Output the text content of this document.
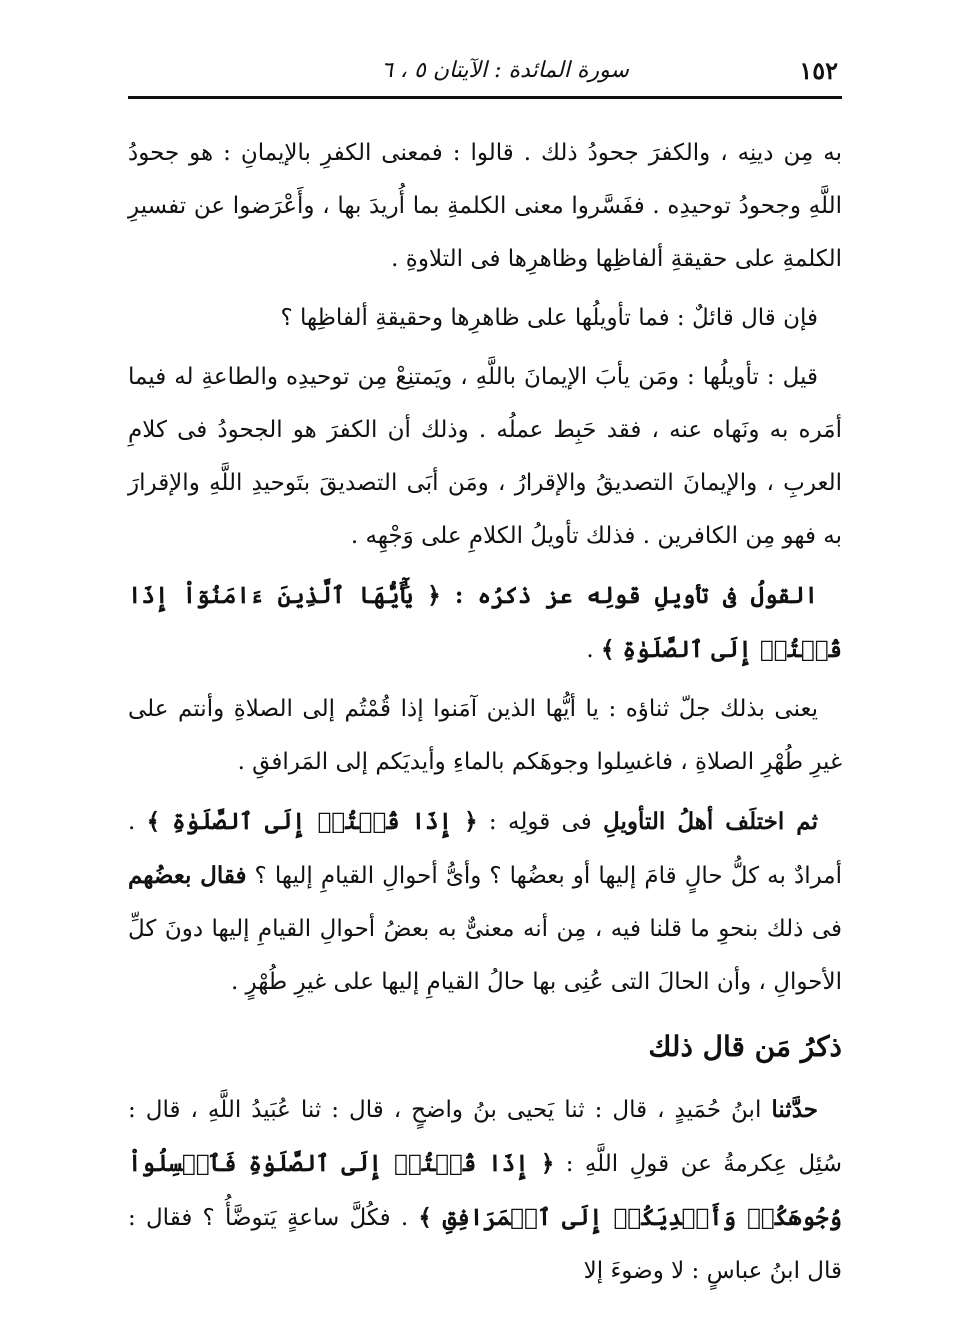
١٥٢
سورة المائدة : الآيتان ٥ ، ٦

به مِن دينِه ، والكفرَ جحودُ ذلك . قالوا : فمعنى الكفرِ بالإيمانِ : هو جحودُ اللَّهِ وجحودُ توحيدِه . ففَسَّروا معنى الكلمةِ بما أُريدَ بها ، وأَعْرَضوا عن تفسيرِ الكلمةِ على حقيقةِ ألفاظِها وظاهرِها فى التلاوةِ .

فإن قال قائلٌ : فما تأويلُها على ظاهرِها وحقيقةِ ألفاظِها ؟

قيل : تأويلُها : ومَن يأبَ الإيمانَ باللَّهِ ، ويَمتنِعْ مِن توحيدِه والطاعةِ له فيما أمَره به ونَهاه عنه ، فقد حَبِط عملُه . وذلك أن الكفرَ هو الجحودُ فى كلامِ العربِ ، والإيمانَ التصديقُ والإقرارُ ، ومَن أبَى التصديقَ بتَوحيدِ اللَّهِ والإقرارَ به فهو مِن الكافرين . فذلك تأويلُ الكلامِ على وَجْهِه .

القولُ فى تأويلِ قولِه عز ذكرُه : ﴿ يَٰٓأَيُّهَا ٱلَّذِينَ ءَامَنُوٓاْ إِذَا قُمۡتُمۡ إِلَى ٱلصَّلَوٰةِ ﴾ .

يعنى بذلك جلّ ثناؤه : يا أيُّها الذين آمَنوا إذا قُمْتُم إلى الصلاةِ وأنتم على غيرِ طُهْرِ الصلاةِ ، فاغسِلوا وجوهَكم بالماءِ وأيديَكم إلى المَرافقِ .

ثم اختلَف أهلُ التأويلِ فى قولِه : ﴿ إِذَا قُمۡتُمۡ إِلَى ٱلصَّلَوٰةِ ﴾ . أمرادٌ به كلُّ حالٍ قامَ إليها أو بعضُها ؟ وأىُّ أحوالِ القيامِ إليها ؟ فقال بعضُهم فى ذلك بنحوِ ما قلنا فيه ، مِن أنه معنىٌّ به بعضُ أحوالِ القيامِ إليها دونَ كلِّ الأحوالِ ، وأن الحالَ التى عُنِى بها حالُ القيامِ إليها على غيرِ طُهْرٍ .

ذكرُ مَن قال ذلك

حدَّثنا ابنُ حُمَيدٍ ، قال : ثنا يَحيى بنُ واضحٍ ، قال : ثنا عُبَيدُ اللَّهِ ، قال : سُئِل عِكرمةُ عن قولِ اللَّهِ : ﴿ إِذَا قُمۡتُمۡ إِلَى ٱلصَّلَوٰةِ فَٱغۡسِلُواْ وُجُوهَكُمۡ وَأَيۡدِيَكُمۡ إِلَى ٱلۡمَرَافِقِ ﴾ . فكُلَّ ساعةٍ يَتوضَّأُ ؟ فقال : قال ابنُ عباسٍ : لا وضوءَ إلا
